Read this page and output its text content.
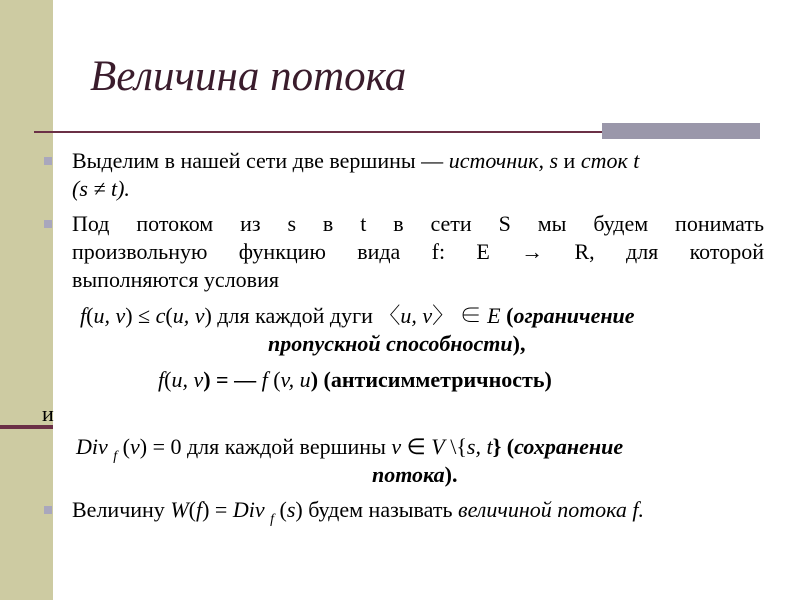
Величина потока
Выделим в нашей сети две вершины — источник, s и сток t
(s ≠ t).
Под потоком из s в t в сети S мы будем понимать
произвольную функцию вида f: E → R, для которой
выполняются условия
f(u, v) ≤ c(u, v) для каждой дуги 〈u, v〉 ∈ E (ограничение
пропускной способности),
f(u, v) = — f (v, u) (антисимметричность)
и
Div $_f$ (v) = 0 для каждой вершины v ∈ V \{s, t} (сохранение
потока).
Величину W(f) = Div $_f$ (s) будем называть величиной потока f.
